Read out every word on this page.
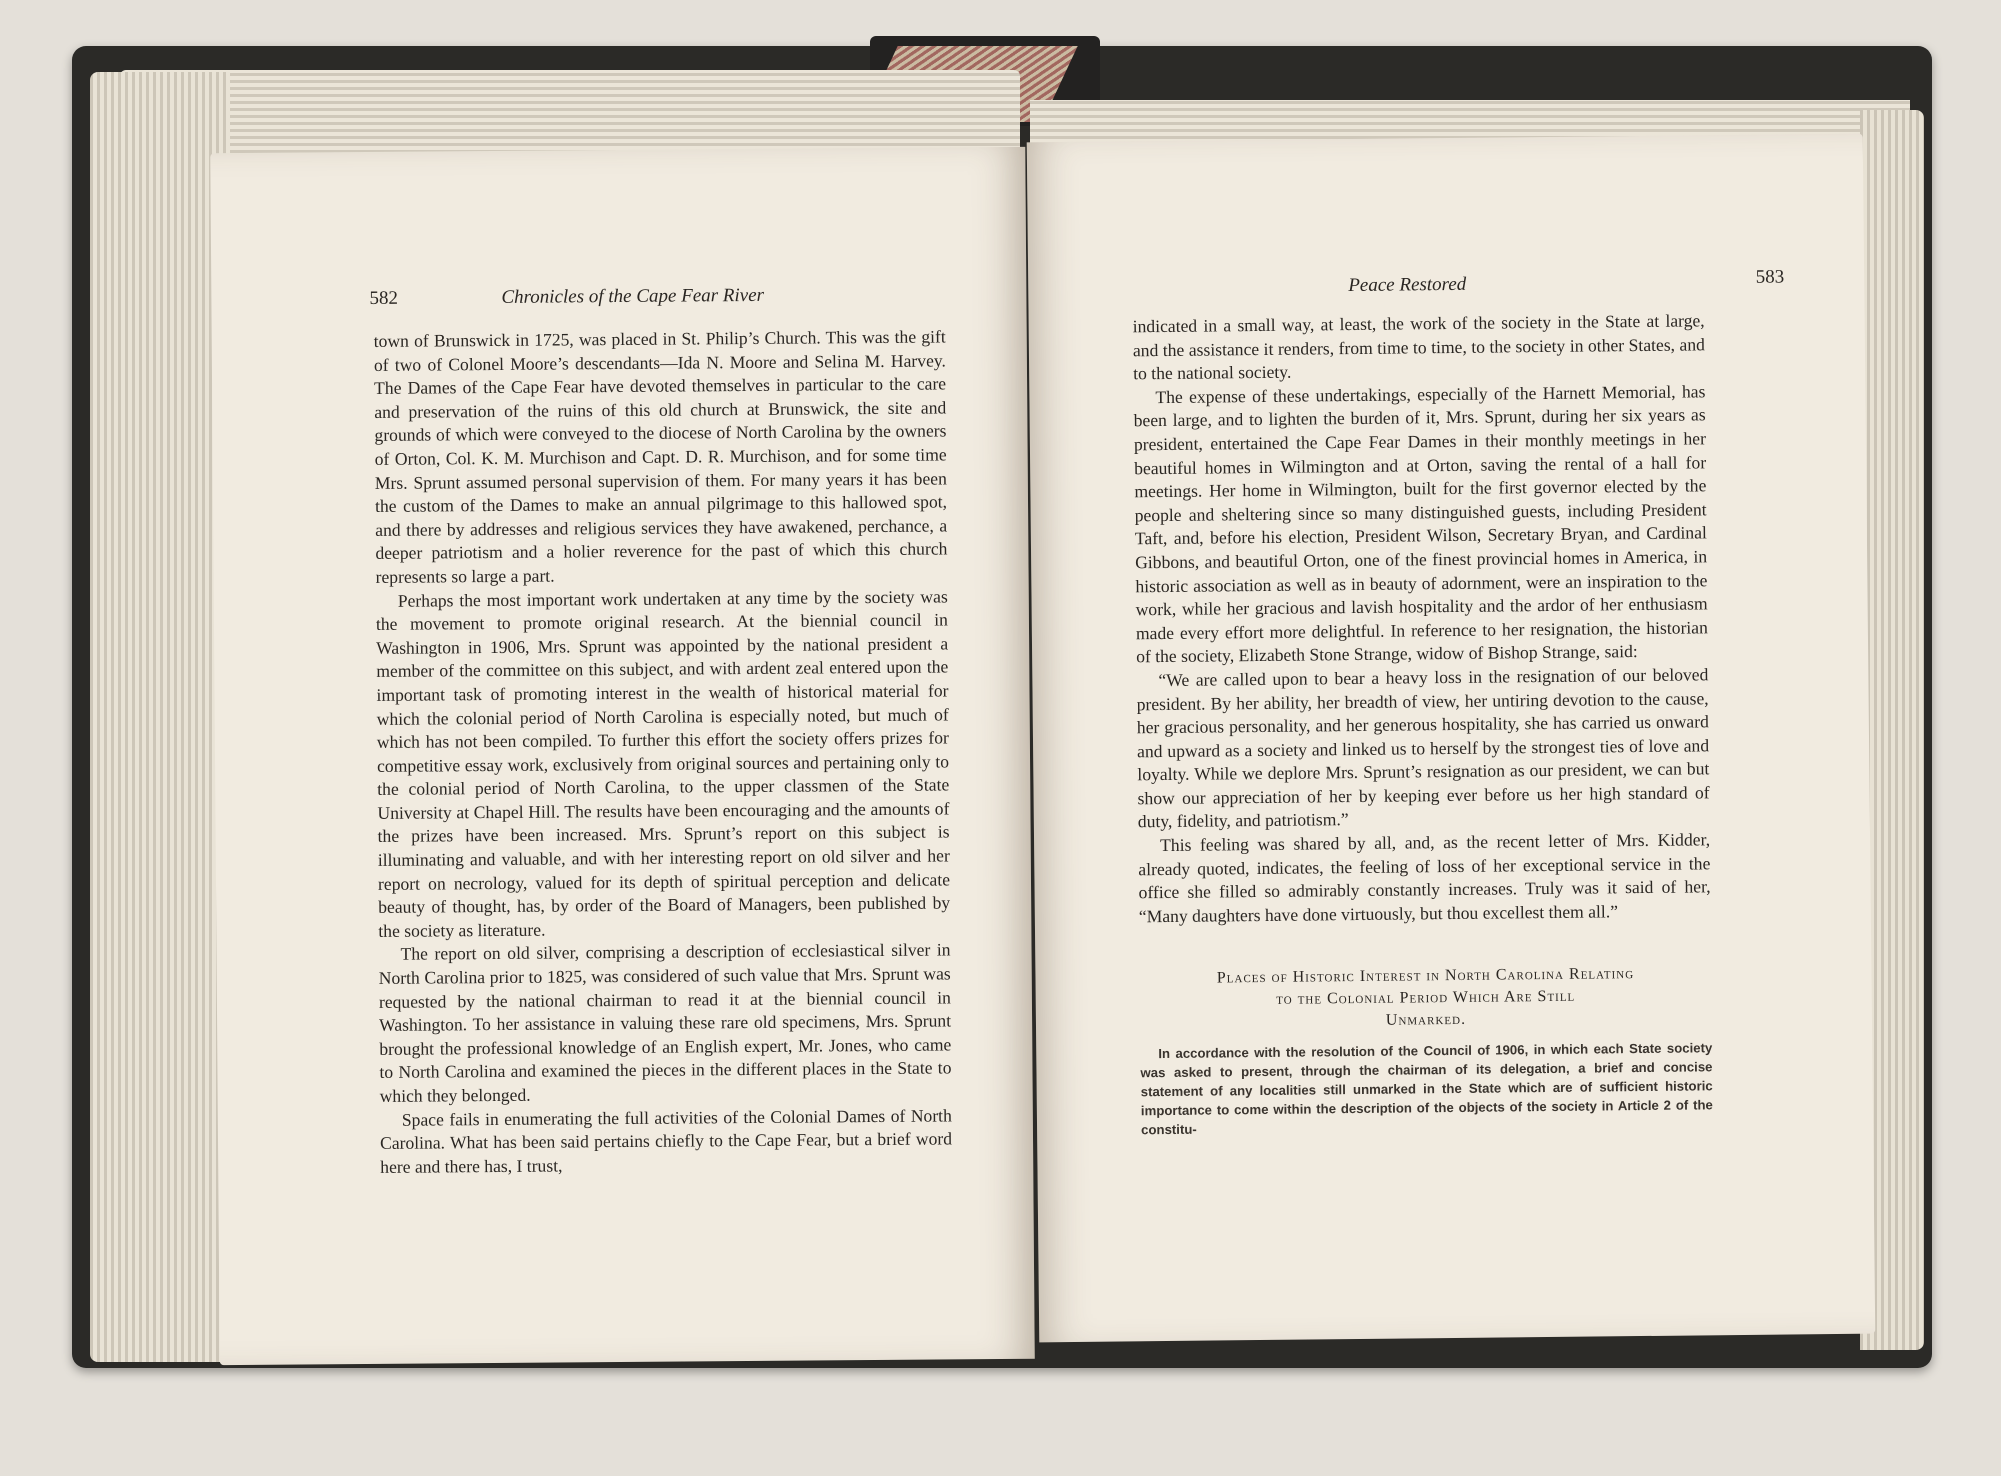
582	Chronicles of the Cape Fear River

town of Brunswick in 1725, was placed in St. Philip’s Church. This was the gift of two of Colonel Moore’s descendants—Ida N. Moore and Selina M. Harvey. The Dames of the Cape Fear have devoted themselves in particular to the care and preservation of the ruins of this old church at Brunswick, the site and grounds of which were conveyed to the diocese of North Carolina by the owners of Orton, Col. K. M. Murchison and Capt. D. R. Murchison, and for some time Mrs. Sprunt assumed personal supervision of them. For many years it has been the custom of the Dames to make an annual pilgrimage to this hallowed spot, and there by addresses and religious services they have awakened, perchance, a deeper patriotism and a holier reverence for the past of which this church represents so large a part.

Perhaps the most important work undertaken at any time by the society was the movement to promote original research. At the biennial council in Washington in 1906, Mrs. Sprunt was appointed by the national president a member of the committee on this subject, and with ardent zeal entered upon the important task of promoting interest in the wealth of historical material for which the colonial period of North Carolina is especially noted, but much of which has not been compiled. To further this effort the society offers prizes for competitive essay work, exclusively from original sources and pertaining only to the colonial period of North Carolina, to the upper classmen of the State University at Chapel Hill. The results have been encouraging and the amounts of the prizes have been increased. Mrs. Sprunt’s report on this subject is illuminating and valuable, and with her interesting report on old silver and her report on necrology, valued for its depth of spiritual perception and delicate beauty of thought, has, by order of the Board of Managers, been published by the society as literature.

The report on old silver, comprising a description of ecclesiastical silver in North Carolina prior to 1825, was considered of such value that Mrs. Sprunt was requested by the national chairman to read it at the biennial council in Washington. To her assistance in valuing these rare old specimens, Mrs. Sprunt brought the professional knowledge of an English expert, Mr. Jones, who came to North Carolina and examined the pieces in the different places in the State to which they belonged.

Space fails in enumerating the full activities of the Colonial Dames of North Carolina. What has been said pertains chiefly to the Cape Fear, but a brief word here and there has, I trust,

Peace Restored	583

indicated in a small way, at least, the work of the society in the State at large, and the assistance it renders, from time to time, to the society in other States, and to the national society.

The expense of these undertakings, especially of the Harnett Memorial, has been large, and to lighten the burden of it, Mrs. Sprunt, during her six years as president, entertained the Cape Fear Dames in their monthly meetings in her beautiful homes in Wilmington and at Orton, saving the rental of a hall for meetings. Her home in Wilmington, built for the first governor elected by the people and sheltering since so many distinguished guests, including President Taft, and, before his election, President Wilson, Secretary Bryan, and Cardinal Gibbons, and beautiful Orton, one of the finest provincial homes in America, in historic association as well as in beauty of adornment, were an inspiration to the work, while her gracious and lavish hospitality and the ardor of her enthusiasm made every effort more delightful. In reference to her resignation, the historian of the society, Elizabeth Stone Strange, widow of Bishop Strange, said:

“We are called upon to bear a heavy loss in the resignation of our beloved president. By her ability, her breadth of view, her untiring devotion to the cause, her gracious personality, and her generous hospitality, she has carried us onward and upward as a society and linked us to herself by the strongest ties of love and loyalty. While we deplore Mrs. Sprunt’s resignation as our president, we can but show our appreciation of her by keeping ever before us her high standard of duty, fidelity, and patriotism.”

This feeling was shared by all, and, as the recent letter of Mrs. Kidder, already quoted, indicates, the feeling of loss of her exceptional service in the office she filled so admirably constantly increases. Truly was it said of her, “Many daughters have done virtuously, but thou excellest them all.”

Places of Historic Interest in North Carolina Relating
to the Colonial Period Which Are Still
Unmarked.
In accordance with the resolution of the Council of 1906, in which each State society was asked to present, through the chairman of its delegation, a brief and concise statement of any localities still unmarked in the State which are of sufficient historic importance to come within the description of the objects of the society in Article 2 of the constitu-
